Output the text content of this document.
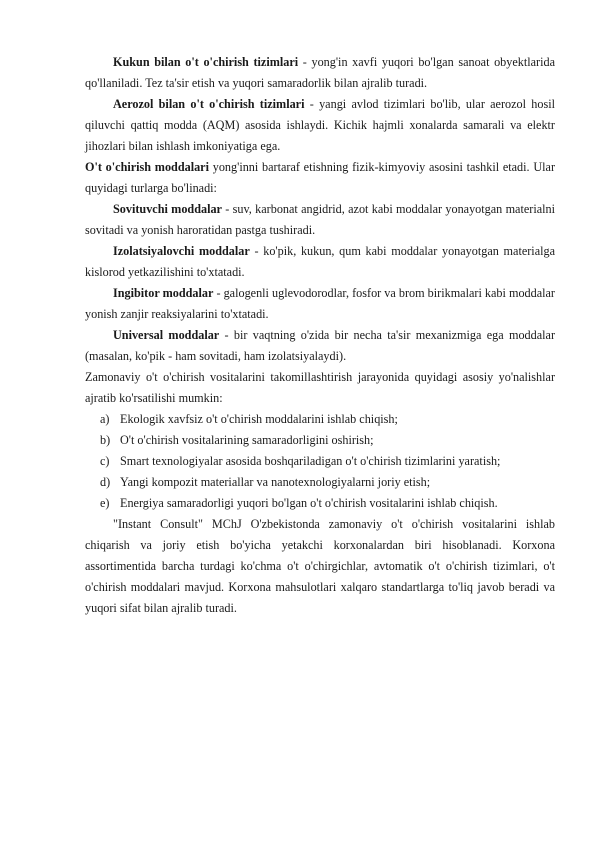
Kukun bilan o't o'chirish tizimlari - yong'in xavfi yuqori bo'lgan sanoat obyektlarida qo'llaniladi. Tez ta'sir etish va yuqori samaradorlik bilan ajralib turadi.

Aerozol bilan o't o'chirish tizimlari - yangi avlod tizimlari bo'lib, ular aerozol hosil qiluvchi qattiq modda (AQM) asosida ishlaydi. Kichik hajmli xonalarda samarali va elektr jihozlari bilan ishlash imkoniyatiga ega.

O't o'chirish moddalari yong'inni bartaraf etishning fizik-kimyoviy asosini tashkil etadi. Ular quyidagi turlarga bo'linadi:

Sovituvchi moddalar - suv, karbonat angidrid, azot kabi moddalar yonayotgan materialni sovitadi va yonish haroratidan pastga tushiradi.

Izolatsiyalovchi moddalar - ko'pik, kukun, qum kabi moddalar yonayotgan materialga kislorod yetkazilishini to'xtatadi.

Ingibitor moddalar - galogenli uglevodorodlar, fosfor va brom birikmalari kabi moddalar yonish zanjir reaksiyalarini to'xtatadi.

Universal moddalar - bir vaqtning o'zida bir necha ta'sir mexanizmiga ega moddalar (masalan, ko'pik - ham sovitadi, ham izolatsiyalaydi).

Zamonaviy o't o'chirish vositalarini takomillashtirish jarayonida quyidagi asosiy yo'nalishlar ajratib ko'rsatilishi mumkin:

a) Ekologik xavfsiz o't o'chirish moddalarini ishlab chiqish;
b) O't o'chirish vositalarining samaradorligini oshirish;
c) Smart texnologiyalar asosida boshqariladigan o't o'chirish tizimlarini yaratish;
d) Yangi kompozit materiallar va nanotexnologiyalarni joriy etish;
e) Energiya samaradorligi yuqori bo'lgan o't o'chirish vositalarini ishlab chiqish.

"Instant Consult" MChJ O'zbekistonda zamonaviy o't o'chirish vositalarini ishlab chiqarish va joriy etish bo'yicha yetakchi korxonalardan biri hisoblanadi. Korxona assortimentida barcha turdagi ko'chma o't o'chirgichlar, avtomatik o't o'chirish tizimlari, o't o'chirish moddalari mavjud. Korxona mahsulotlari xalqaro standartlarga to'liq javob beradi va yuqori sifat bilan ajralib turadi.
